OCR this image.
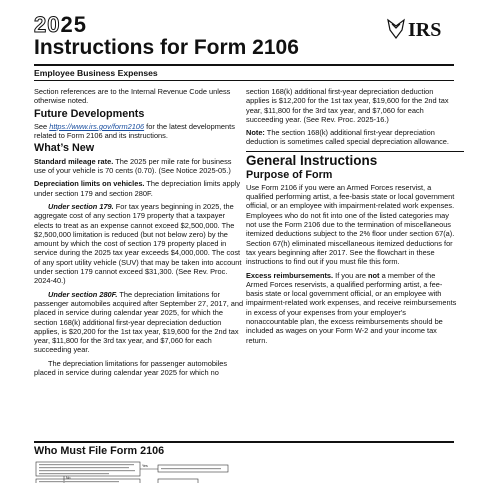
2025
Instructions for Form 2106
IRS
Employee Business Expenses

Section references are to the Internal Revenue Code unless otherwise noted.

Future Developments

See https://www.irs.gov/form2106 for the latest developments related to Form 2106 and its instructions.

What’s New

Standard mileage rate. The 2025 per mile rate for business use of your vehicle is 70 cents (0.70). (See Notice 2025-05.)

Depreciation limits on vehicles. The depreciation limits apply under section 179 and section 280F.

Under section 179. For tax years beginning in 2025, the aggregate cost of any section 179 property that a taxpayer elects to treat as an expense cannot exceed $2,500,000. The $2,500,000 limitation is reduced (but not below zero) by the amount by which the cost of section 179 property placed in service during the 2025 tax year exceeds $4,000,000. The cost of any sport utility vehicle (SUV) that may be taken into account under section 179 cannot exceed $31,300. (See Rev. Proc. 2024-40.)

Under section 280F. The depreciation limitations for passenger automobiles acquired after September 27, 2017, and placed in service during calendar year 2025, for which the section 168(k) additional first-year depreciation deduction applies, is $20,200 for the 1st tax year, $19,600 for the 2nd tax year, $11,800 for the 3rd tax year, and $7,060 for each succeeding year.

The depreciation limitations for passenger automobiles placed in service during calendar year 2025 for which no

section 168(k) additional first-year depreciation deduction applies is $12,200 for the 1st tax year, $19,600 for the 2nd tax year, $11,800 for the 3rd tax year, and $7,060 for each succeeding year. (See Rev. Proc. 2025-16.)

Note: The section 168(k) additional first-year depreciation deduction is sometimes called special depreciation allowance.

General Instructions
Purpose of Form

Use Form 2106 if you were an Armed Forces reservist, a qualified performing artist, a fee-basis state or local government official, or an employee with impairment-related work expenses. Employees who do not fit into one of the listed categories may not use the Form 2106 due to the termination of miscellaneous itemized deductions subject to the 2% floor under section 67(a). Section 67(h) eliminated miscellaneous itemized deductions for tax years beginning after 2017. See the flowchart in these instructions to find out if you must file this form.

Excess reimbursements. If you are not a member of the Armed Forces reservists, a qualified performing artist, a fee-basis state or local government official, or an employee with impairment-related work expenses, and receive reimbursements in excess of your expenses from your employer's nonaccountable plan, the excess reimbursements should be included as wages on your Form W-2 and your income tax return.

Who Must File Form 2106
Yes
No
